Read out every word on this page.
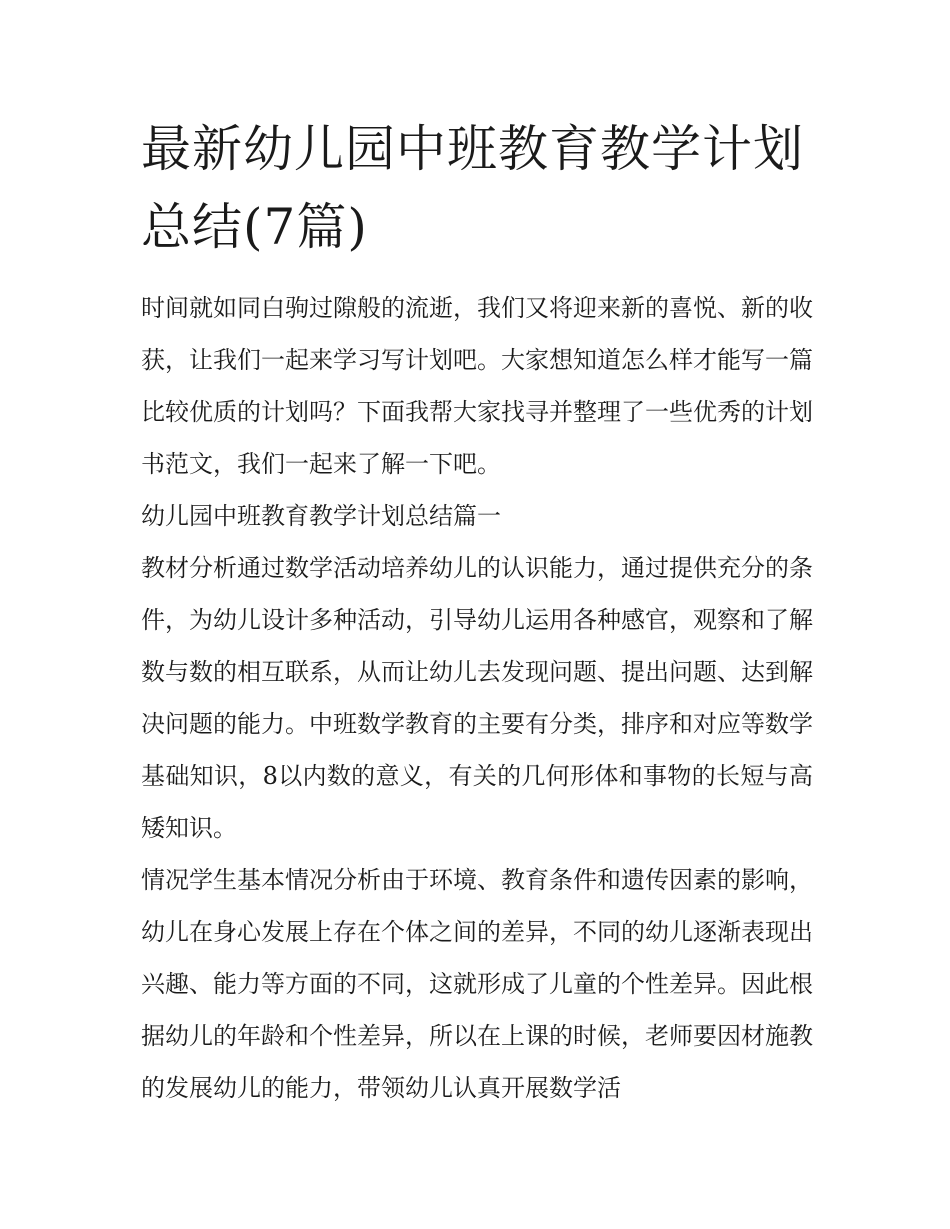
最新幼儿园中班教育教学计划总结(7篇)

时间就如同白驹过隙般的流逝，我们又将迎来新的喜悦、新的收获，让我们一起来学习写计划吧。大家想知道怎么样才能写一篇比较优质的计划吗？下面我帮大家找寻并整理了一些优秀的计划书范文，我们一起来了解一下吧。

幼儿园中班教育教学计划总结篇一

教材分析通过数学活动培养幼儿的认识能力，通过提供充分的条件，为幼儿设计多种活动，引导幼儿运用各种感官，观察和了解数与数的相互联系，从而让幼儿去发现问题、提出问题、达到解决问题的能力。中班数学教育的主要有分类，排序和对应等数学基础知识，8以内数的意义，有关的几何形体和事物的长短与高矮知识。

情况学生基本情况分析由于环境、教育条件和遗传因素的影响，幼儿在身心发展上存在个体之间的差异，不同的幼儿逐渐表现出兴趣、能力等方面的不同，这就形成了儿童的个性差异。因此根据幼儿的年龄和个性差异，所以在上课的时候，老师要因材施教的发展幼儿的能力，带领幼儿认真开展数学活
